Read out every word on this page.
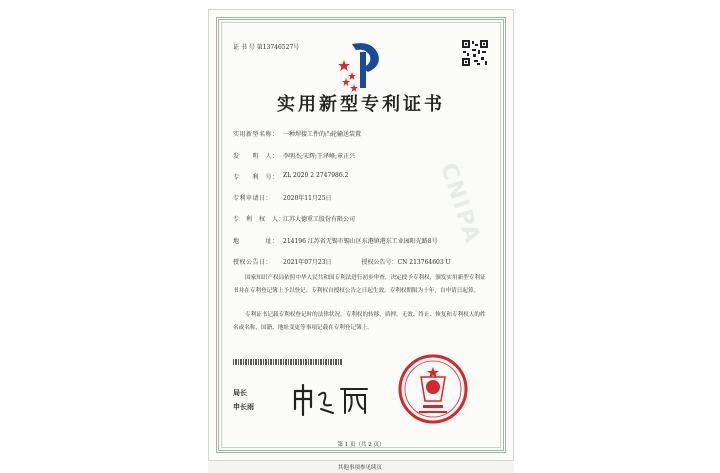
CNIPA
证 书 号 第13746527号
实用新型专利证书
实用新型名称： 一种焊接工件的凸轮输送装置
发　　明　人： 李明杰;宋辉;王泽峰;章正兴
专　　利　号： ZL 2020 2 2747986.2
专利申请日：	2020年11月25日
专　利　权　人：
江苏大德重工股份有限公司
地　　　　址： 214196 江苏省无锡市锡山区东港镇港东工业园阳光路8号
授权公告日：	2021年07月23日	授权公告号：CN 213764603 U
国家知识产权局依照中华人民共和国专利法进行初步审查，决定授予专利权，颁发实用新型专利证书并在专利登记簿上予以登记。专利权自授权公告之日起生效。专利权期限为十年，自申请日起算。
专利证书记载专利权登记时的法律状况。专利权的转移、质押、无效、终止、恢复和专利权人的姓名或名称、国籍、地址变更等事项记载在专利登记簿上。
局长
申长雨
第 1 页（共 2 页）
其他事项参见续页
